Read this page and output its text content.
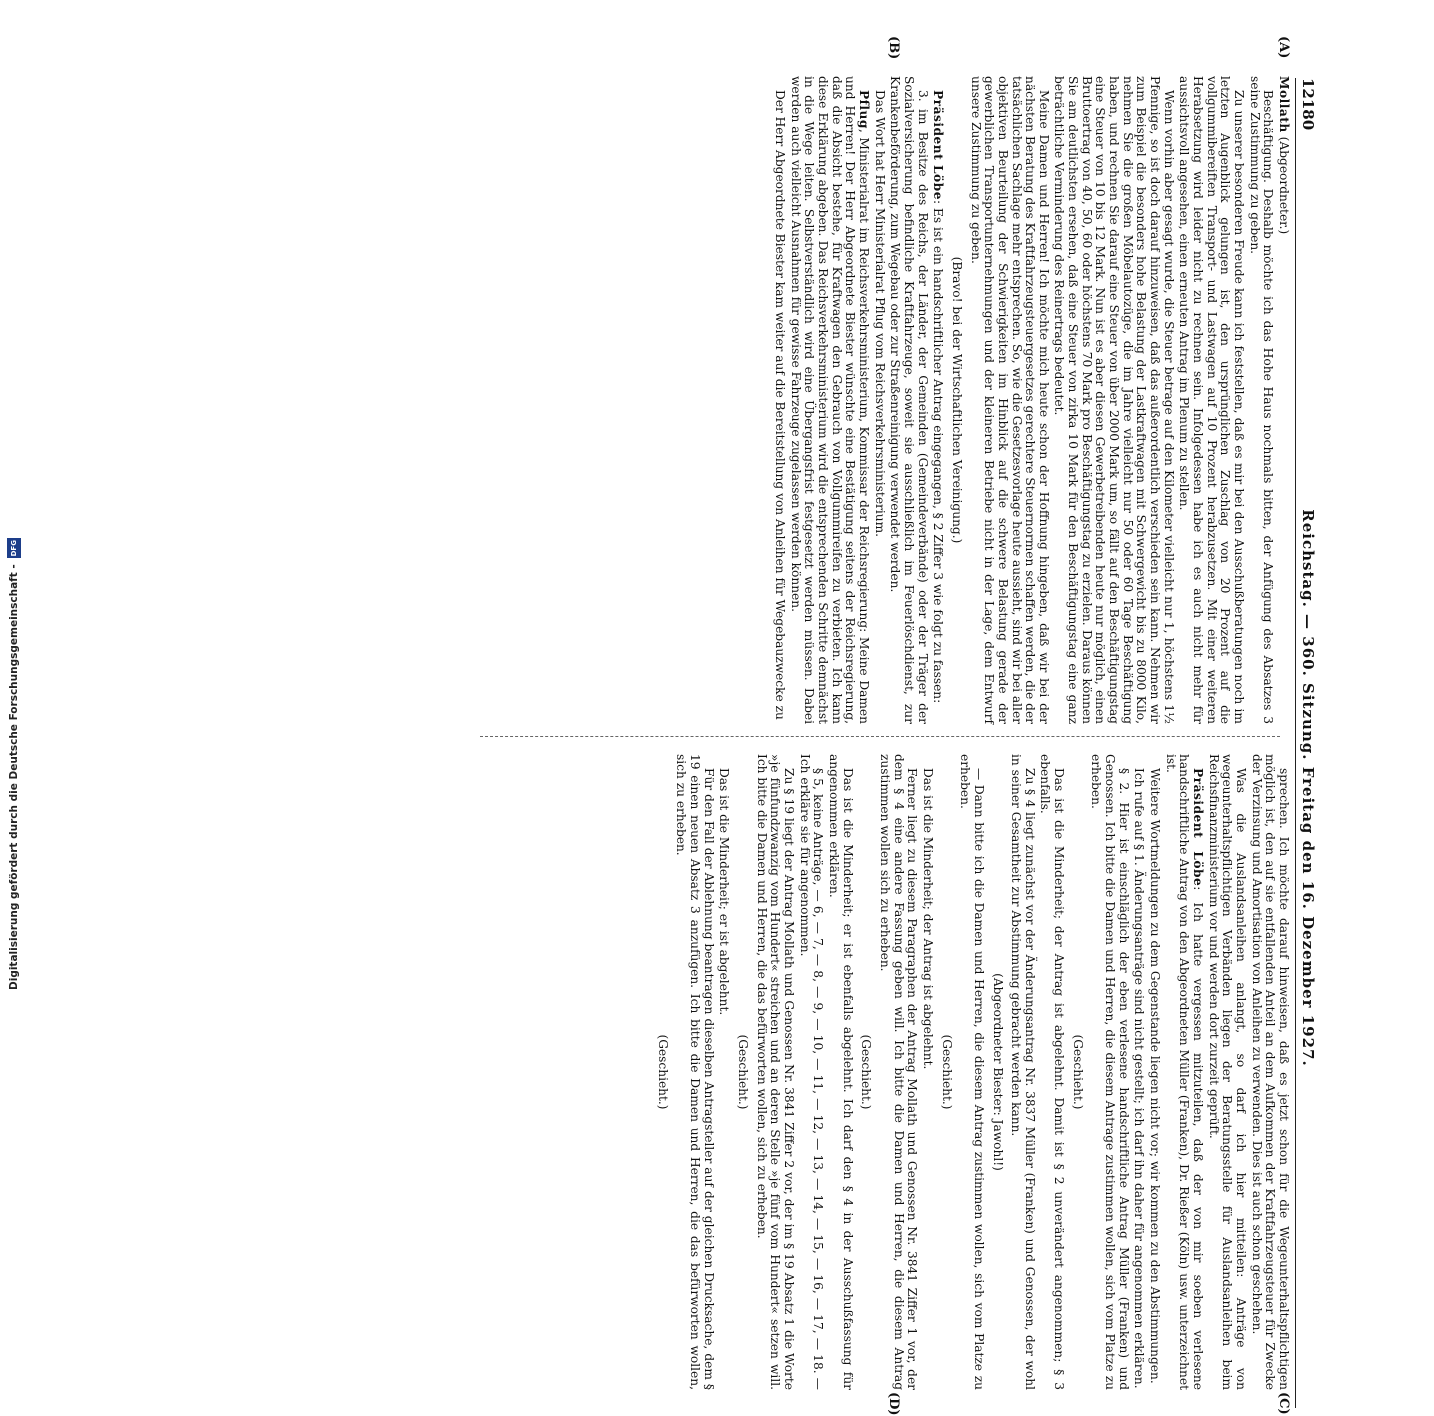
12180
Reichstag. — 360. Sitzung. Freitag den 16. Dezember 1927.
(A)
(B)
(C)
(D)

Mollath (Abgeordneter.)

Beschäftigung. Deshalb möchte ich das Hohe Haus nochmals bitten, der Anfügung des Absatzes 3 seine Zustimmung zu geben.

Zu unserer besonderen Freude kann ich feststellen, daß es mir bei den Ausschußberatungen noch im letzten Augenblick gelungen ist, den ursprünglichen Zuschlag von 20 Prozent auf die vollgummibereiften Transport- und Lastwagen auf 10 Prozent herabzusetzen. Mit einer weiteren Herabsetzung wird leider nicht zu rechnen sein. Infolgedessen habe ich es auch nicht mehr für aussichtsvoll angesehen, einen erneuten Antrag im Plenum zu stellen.

Wenn vorhin aber gesagt wurde, die Steuer betrage auf den Kilometer vielleicht nur 1, höchstens 1½ Pfennige, so ist doch darauf hinzuweisen, daß das außerordentlich verschieden sein kann. Nehmen wir zum Beispiel die besonders hohe Belastung der Lastkraftwagen mit Schwergewicht bis zu 8000 Kilo, nehmen Sie die großen Möbelautozüge, die im Jahre vielleicht nur 50 oder 60 Tage Beschäftigung haben, und rechnen Sie darauf eine Steuer von über 2000 Mark um, so fällt auf den Beschäftigungstag eine Steuer von 10 bis 12 Mark. Nun ist es aber diesen Gewerbetreibenden heute nur möglich, einen Bruttoertrag von 40, 50, 60 oder höchstens 70 Mark pro Beschäftigungstag zu erzielen. Daraus können Sie am deutlichsten ersehen, daß eine Steuer von zirka 10 Mark für den Beschäftigungstag eine ganz beträchtliche Verminderung des Reinertrags bedeutet.

Meine Damen und Herren! Ich möchte mich heute schon der Hoffnung hingeben, daß wir bei der nächsten Beratung des Kraftfahrzeugsteuergesetzes gerechtere Steuernormen schaffen werden, die der tatsächlichen Sachlage mehr entsprechen. So, wie die Gesetzesvorlage heute aussieht, sind wir bei aller objektiven Beurteilung der Schwierigkeiten im Hinblick auf die schwere Belastung gerade der gewerblichen Transportunternehmungen und der kleineren Betriebe nicht in der Lage, dem Entwurf unsere Zustimmung zu geben.

(Bravo! bei der Wirtschaftlichen Vereinigung.)

Präsident Löbe: Es ist ein handschriftlicher Antrag eingegangen, § 2 Ziffer 3 wie folgt zu fassen:

3. im Besitze des Reichs, der Länder, der Gemeinden (Gemeindeverbände) oder der Träger der Sozialversicherung befindliche Kraftfahrzeuge, soweit sie ausschließlich im Feuerlöschdienst, zur Krankenbeförderung, zum Wegebau oder zur Straßenreinigung verwendet werden.

Das Wort hat Herr Ministerialrat Pflug vom Reichsverkehrsministerium.

Pflug, Ministerialrat im Reichsverkehrsministerium, Kommissar der Reichsregierung: Meine Damen und Herren! Der Herr Abgeordnete Biester wünschte eine Bestätigung seitens der Reichsregierung, daß die Absicht bestehe, für Kraftwagen den Gebrauch von Vollgummireifen zu verbieten. Ich kann diese Erklärung abgeben. Das Reichsverkehrsministerium wird die entsprechenden Schritte demnächst in die Wege leiten. Selbstverständlich wird eine Übergangsfrist festgesetzt werden müssen. Dabei werden auch vielleicht Ausnahmen für gewisse Fahrzeuge zugelassen werden können.

Der Herr Abgeordnete Biester kam weiter auf die Bereitstellung von Anleihen für Wegebauzwecke zu

sprechen. Ich möchte darauf hinweisen, daß es jetzt schon für die Wegeunterhaltspflichtigen möglich ist, den auf sie entfallenden Anteil an dem Aufkommen der Kraftfahrzeugsteuer für Zwecke der Verzinsung und Amortisation von Anleihen zu verwenden. Dies ist auch schon geschehen.

Was die Auslandsanleihen anlangt, so darf ich hier mitteilen: Anträge von wegeunterhaltspflichtigen Verbänden liegen der Beratungsstelle für Auslandsanleihen beim Reichsfinanzministerium vor und werden dort zurzeit geprüft.

Präsident Löbe: Ich hatte vergessen mitzuteilen, daß der von mir soeben verlesene handschriftliche Antrag von den Abgeordneten Müller (Franken), Dr. Rießer (Köln) usw. unterzeichnet ist.

Weitere Wortmeldungen zu dem Gegenstande liegen nicht vor; wir kommen zu den Abstimmungen.

Ich rufe auf § 1. Änderungsanträge sind nicht gestellt; ich darf ihn daher für angenommen erklären.

§ 2. Hier ist einschläglich der eben verlesene handschriftliche Antrag Müller (Franken) und Genossen. Ich bitte die Damen und Herren, die diesem Antrage zustimmen wollen, sich vom Platze zu erheben.

(Geschieht.)

Das ist die Minderheit; der Antrag ist abgelehnt. Damit ist § 2 unverändert angenommen; § 3 ebenfalls.

Zu § 4 liegt zunächst vor der Änderungsantrag Nr. 3837 Müller (Franken) und Genossen, der wohl in seiner Gesamtheit zur Abstimmung gebracht werden kann.

(Abgeordneter Biester: Jawohl!)

— Dann bitte ich die Damen und Herren, die diesem Antrag zustimmen wollen, sich vom Platze zu erheben.

(Geschieht.)

Das ist die Minderheit; der Antrag ist abgelehnt.

Ferner liegt zu diesem Paragraphen der Antrag Mollath und Genossen Nr. 3841 Ziffer 1 vor, der dem § 4 eine andere Fassung geben will. Ich bitte die Damen und Herren, die diesem Antrag zustimmen wollen sich zu erheben.

(Geschieht.)

Das ist die Minderheit; er ist ebenfalls abgelehnt. Ich darf den § 4 in der Ausschußfassung für angenommen erklären.

§ 5, keine Anträge, — 6, — 7, — 8, — 9, — 10, — 11, — 12, — 13, — 14, — 15, — 16, — 17, — 18. — Ich erkläre sie für angenommen.

Zu § 19 liegt der Antrag Mollath und Genossen Nr. 3841 Ziffer 2 vor, der im § 19 Absatz 1 die Worte »je fünfundzwanzig vom Hundert« streichen und an deren Stelle »je fünf vom Hundert« setzen will. Ich bitte die Damen und Herren, die das befürworten wollen, sich zu erheben.

(Geschieht.)

Das ist die Minderheit; er ist abgelehnt.

Für den Fall der Ablehnung beantragen dieselben Antragsteller auf der gleichen Drucksache, dem § 19 einen neuen Absatz 3 anzufügen. Ich bitte die Damen und Herren, die das befürworten wollen, sich zu erheben.

(Geschieht.)

Digitalisierung gefördert durch die Deutsche Forschungsgemeinschaft -
DFG
